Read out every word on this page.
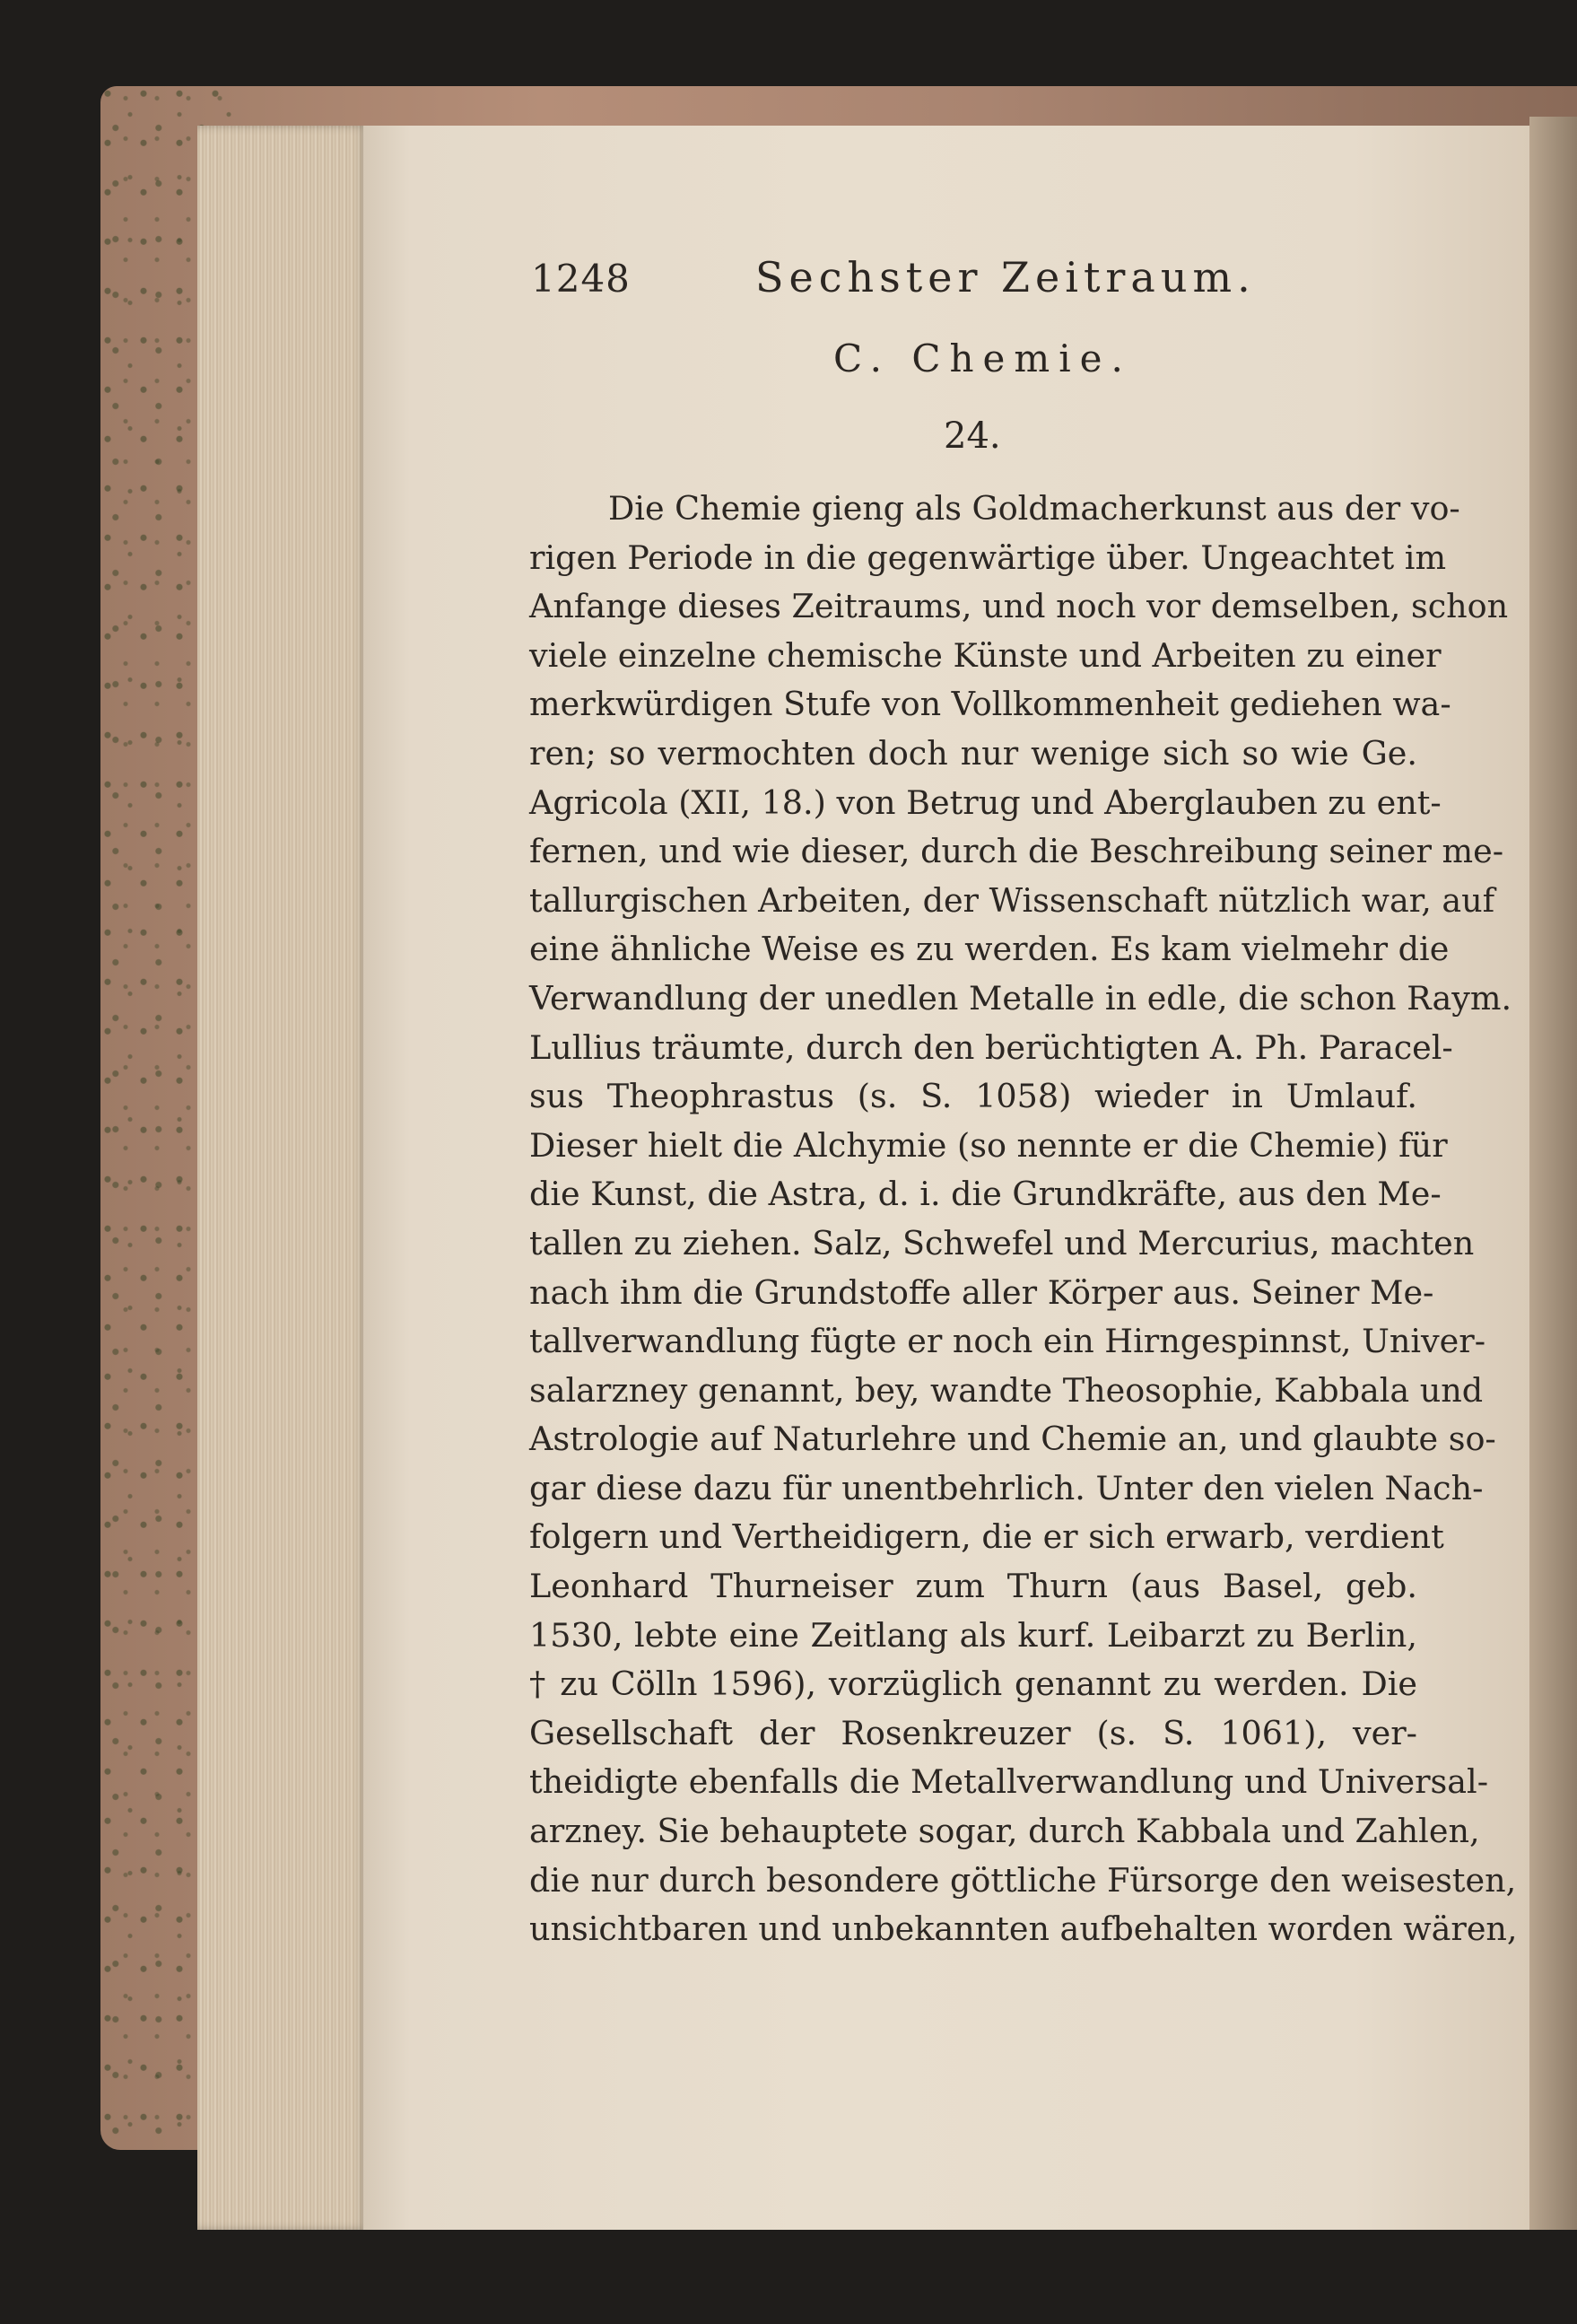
1248	Sechster Zeitraum.
C. Chemie.
24.
Die Chemie gieng als Goldmacherkunst aus der vo-
rigen Periode in die gegenwärtige über. Ungeachtet im
Anfange dieses Zeitraums, und noch vor demselben, schon
viele einzelne chemische Künste und Arbeiten zu einer
merkwürdigen Stufe von Vollkommenheit gediehen wa-
ren; so vermochten doch nur wenige sich so wie Ge.
Agricola (XII, 18.) von Betrug und Aberglauben zu ent-
fernen, und wie dieser, durch die Beschreibung seiner me-
tallurgischen Arbeiten, der Wissenschaft nützlich war, auf
eine ähnliche Weise es zu werden. Es kam vielmehr die
Verwandlung der unedlen Metalle in edle, die schon Raym.
Lullius träumte, durch den berüchtigten A. Ph. Paracel-
sus Theophrastus (s. S. 1058) wieder in Umlauf.
Dieser hielt die Alchymie (so nennte er die Chemie) für
die Kunst, die Astra, d. i. die Grundkräfte, aus den Me-
tallen zu ziehen. Salz, Schwefel und Mercurius, machten
nach ihm die Grundstoffe aller Körper aus. Seiner Me-
tallverwandlung fügte er noch ein Hirngespinnst, Univer-
salarzney genannt, bey, wandte Theosophie, Kabbala und
Astrologie auf Naturlehre und Chemie an, und glaubte so-
gar diese dazu für unentbehrlich. Unter den vielen Nach-
folgern und Vertheidigern, die er sich erwarb, verdient
Leonhard Thurneiser zum Thurn (aus Basel, geb.
1530, lebte eine Zeitlang als kurf. Leibarzt zu Berlin,
† zu Cölln 1596), vorzüglich genannt zu werden. Die
Gesellschaft der Rosenkreuzer (s. S. 1061), ver-
theidigte ebenfalls die Metallverwandlung und Universal-
arzney. Sie behauptete sogar, durch Kabbala und Zahlen,
die nur durch besondere göttliche Fürsorge den weisesten,
unsichtbaren und unbekannten aufbehalten worden wären,
